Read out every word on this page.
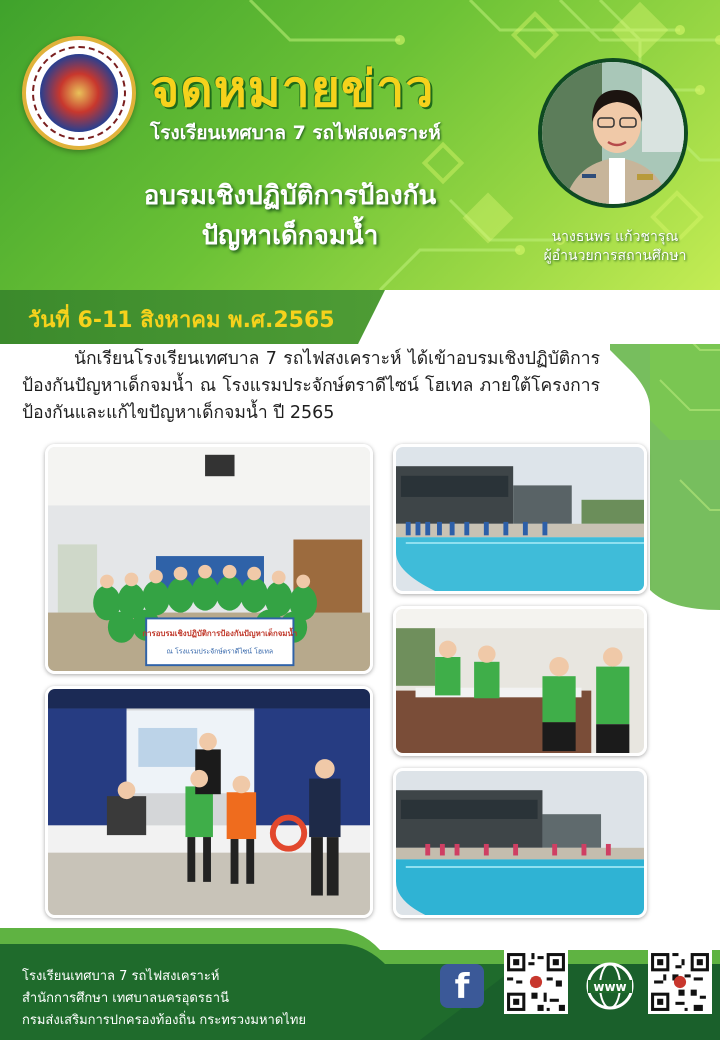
จดหมายข่าว
โรงเรียนเทศบาล 7 รถไฟสงเคราะห์
อบรมเชิงปฏิบัติการป้องกัน
ปัญหาเด็กจมน้ำ	นางธนพร แก้วชารุณ
ผู้อำนวยการสถานศึกษา
วันที่ 6-11 สิงหาคม พ.ศ.2565

นักเรียนโรงเรียนเทศบาล 7 รถไฟสงเคราะห์ ได้เข้าอบรมเชิงปฏิบัติการป้องกันปัญหาเด็กจมน้ำ ณ โรงแรมประจักษ์ตราดีไซน์ โฮเทล ภายใต้โครงการป้องกันและแก้ไขปัญหาเด็กจมน้ำ ปี 2565

การอบรมเชิงปฏิบัติการป้องกันปัญหาเด็กจมน้ำ
ณ โรงแรมประจักษ์ตราดีไซน์ โฮเทล
โรงเรียนเทศบาล 7 รถไฟสงเคราะห์
สำนักการศึกษา เทศบาลนครอุดรธานี
กรมส่งเสริมการปกครองท้องถิ่น กระทรวงมหาดไทย
f	www
